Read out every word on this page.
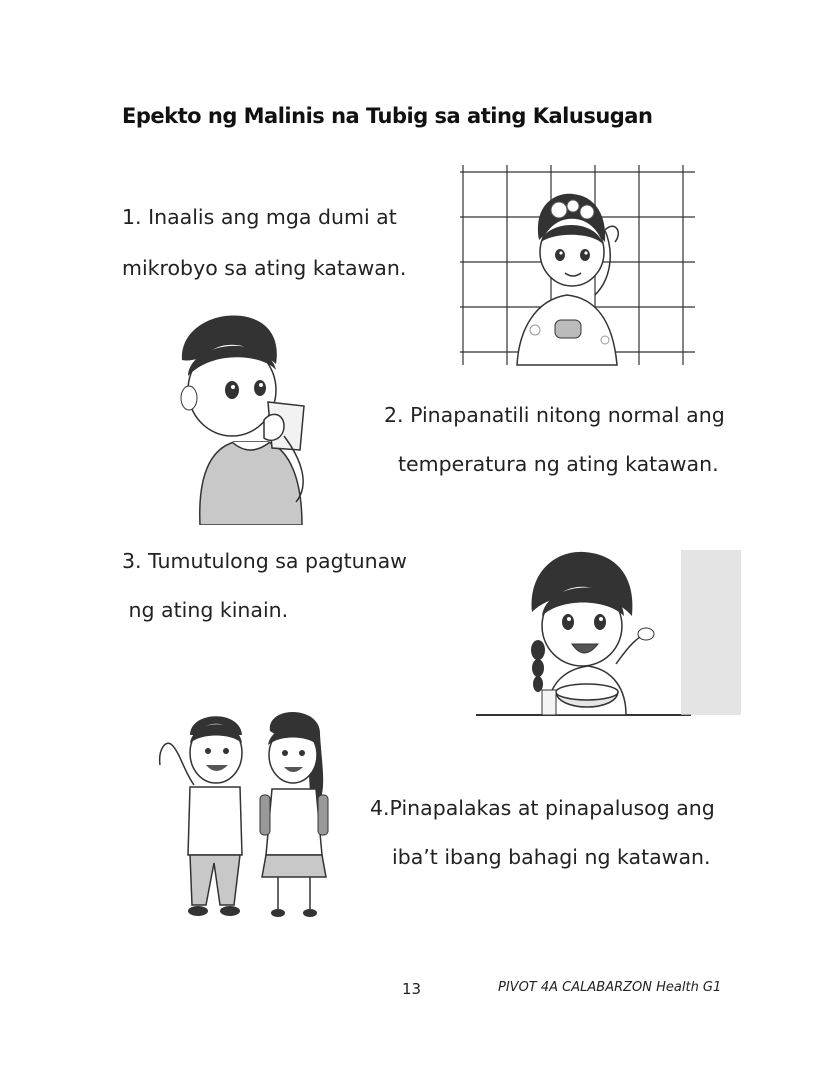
Epekto ng Malinis na Tubig sa ating Kalusugan
1. Inaalis ang mga dumi at
mikrobyo sa ating katawan.
2. Pinapanatili nitong normal ang
temperatura ng ating katawan.
3. Tumutulong sa pagtunaw
ng ating kinain.
4.Pinapalakas at pinapalusog ang
iba’t ibang bahagi ng katawan.
13	PIVOT 4A CALABARZON Health G1
